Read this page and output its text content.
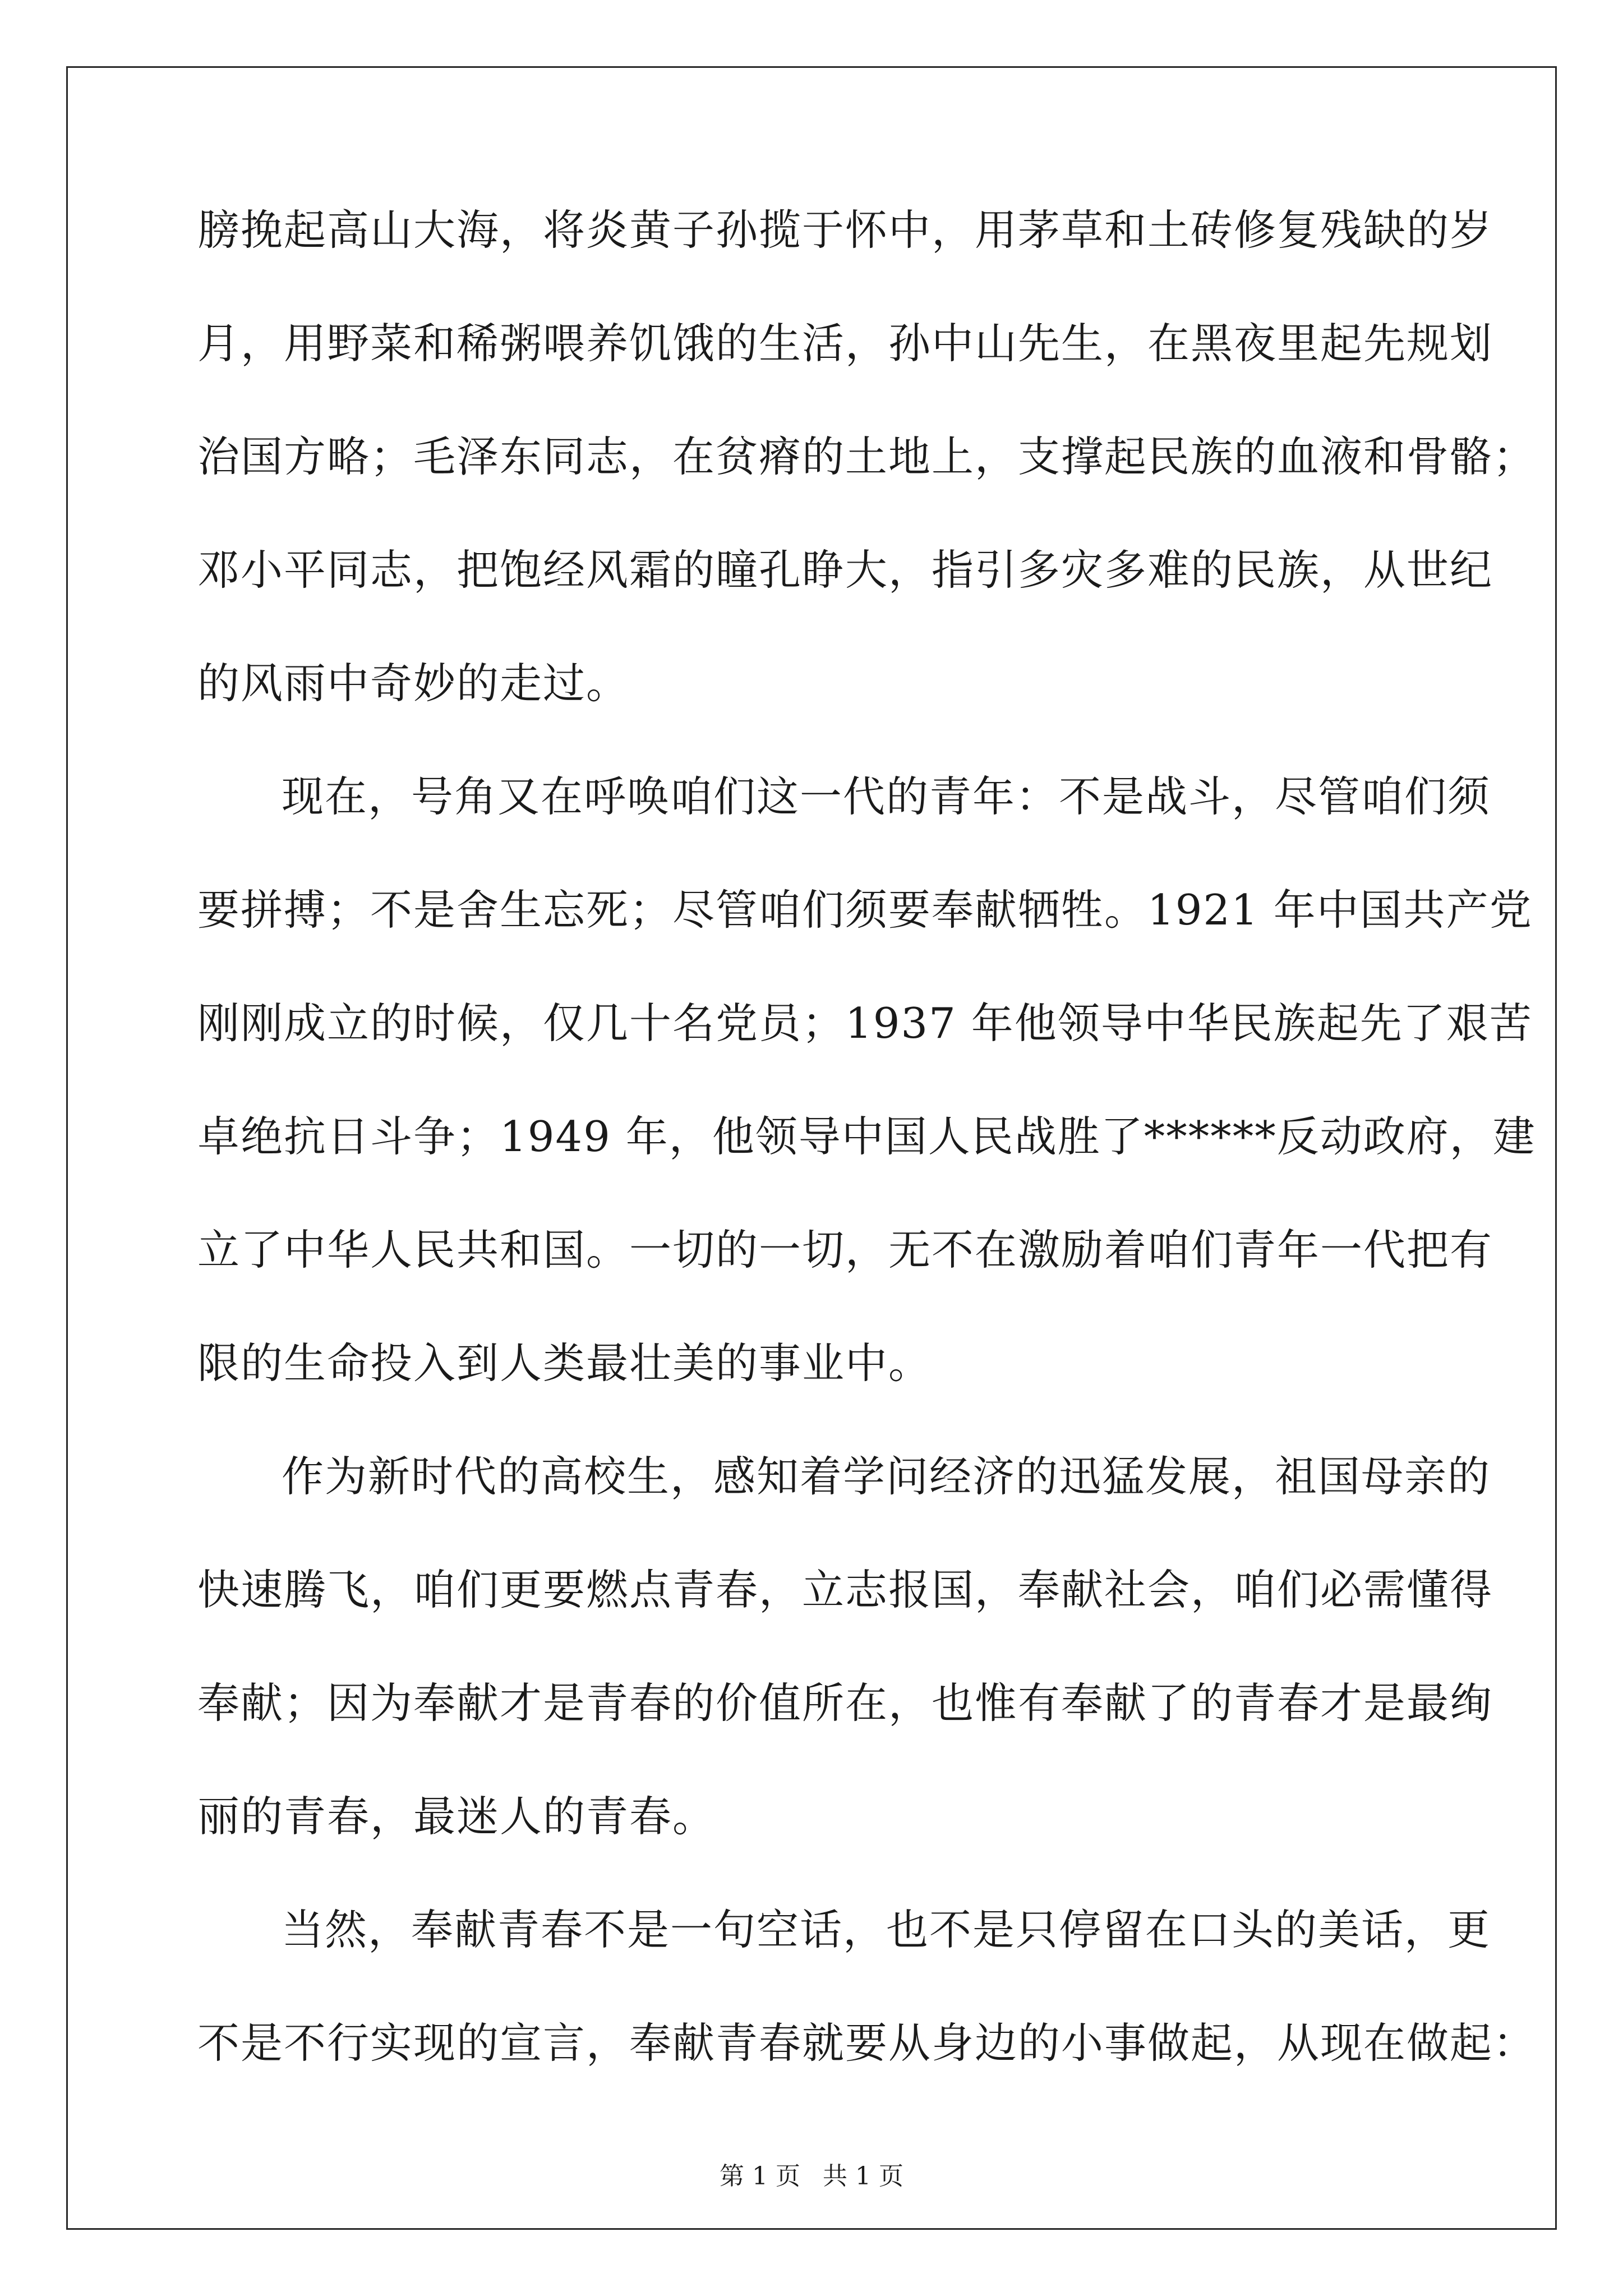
膀挽起高山大海，将炎黄子孙揽于怀中，用茅草和土砖修复残缺的岁
月，用野菜和稀粥喂养饥饿的生活，孙中山先生，在黑夜里起先规划
治国方略；毛泽东同志，在贫瘠的土地上，支撑起民族的血液和骨骼；
邓小平同志，把饱经风霜的瞳孔睁大，指引多灾多难的民族，从世纪
的风雨中奇妙的走过。
现在，号角又在呼唤咱们这一代的青年：不是战斗，尽管咱们须
要拼搏；不是舍生忘死；尽管咱们须要奉献牺牲。1921 年中国共产党
刚刚成立的时候，仅几十名党员；1937 年他领导中华民族起先了艰苦
卓绝抗日斗争；1949 年，他领导中国人民战胜了******反动政府，建
立了中华人民共和国。一切的一切，无不在激励着咱们青年一代把有
限的生命投入到人类最壮美的事业中。
作为新时代的高校生，感知着学问经济的迅猛发展，祖国母亲的
快速腾飞，咱们更要燃点青春，立志报国，奉献社会，咱们必需懂得
奉献；因为奉献才是青春的价值所在，也惟有奉献了的青春才是最绚
丽的青春，最迷人的青春。
当然，奉献青春不是一句空话，也不是只停留在口头的美话，更
不是不行实现的宣言，奉献青春就要从身边的小事做起，从现在做起：
第 1 页 共 1 页
